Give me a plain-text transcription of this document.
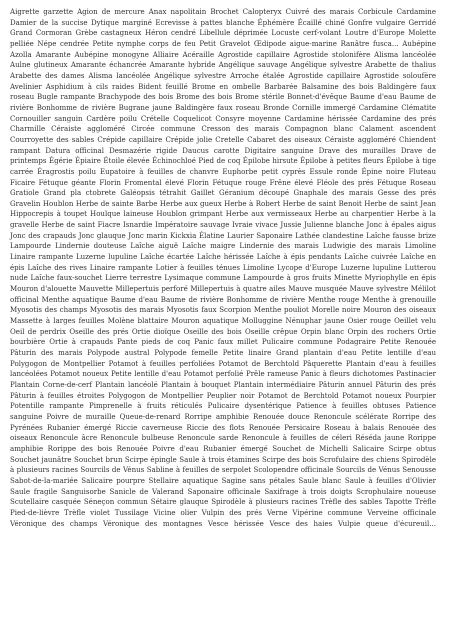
Aigrette garzette Agion de mercure Anax napolitain Brochet Calopteryx Cuivré des marais Corbicule Cardamine Damier de la succise Dytique marginé Ecrevisse à pattes blanche Éphémère Écaillé chiné Gonfre vulgaire Gerridé Grand Cormoran Grèbe castagneux Héron cendré Libellule déprimée Locuste cerf-volant Loutre d'Europe Molette pelliée Népe cendrée Petite nymphe corps de feu Petit Gravelot Œdipode aigue-marine Ranâtre fusca... Aubépine Azolla Amarante Aubépine monogyne Alliaire Acéraille Agrostide capillaire Agrostide stolonifère Alisma lancéolée Aulne glutineux Amarante échancrée Amarante hybride Angélique sauvage Angélique sylvestre Arabette de thalius Arabette des dames Alisma lancéolée Angélique sylvestre Arroche étalée Agrostide capillaire Agrostide soloufère Avelinier Asphidium à cils raides Bident feuillé Brome en ombelle Barbarée Balsamine des bois Baldingère faux roseau Bugle rampante Brachypode des bois Brome des bois Brome stérile Bonnet-d'évêque Baume d'eau Baume de rivière Bonhomme de rivière Bugrane jaune Baldingère faux roseau Bronde Cornille immergé Cardamine Clématite Cornouiller sanguin Cardère poilu Crételle Coquelicot Consyre moyenne Cardamine hérissée Cardamine des prés Charmille Céraiste aggloméré Circée commune Cresson des marais Compagnon blanc Calament ascendent Courroyette des sables Crépide capillaire Crépide jolie Cretelle Cabaret des oiseaux Céraiste aggloméré Chiendent rampant Datura officinal Desmazérie rigide Daucus carotte Digitaire sanguine Drave des murailles Drave de printemps Égérie Épiaire Étoile élevée Échinochloé Pied de coq Épilobe hirsute Épilobe à petites fleurs Épilobe à tige carrée Éragrostis poilu Eupatoire à feuilles de chanvre Euphorbe petit cyprès Essule ronde Épine noire Fluteau Ficaire Fétuque géante Florin Fromental élevé Florin Fétuque rouge Frêne élevé Fléole des prés Fétuque Roseau Gratiole Grand pla ctobrete Galéopsis tétrahit Gaillet Géranium découpé Gnaphale des marais Gesse des prés Gravelin Houblon Herbe de sainte Barbe Herbe aux gueux Herbe à Robert Herbe de saint Benoit Herbe de saint Jean Hippocrepis à toupet Houlque laineuse Houblon grimpant Herbe aux vermisseaux Herbe au charpentier Herbe à la gravelle Herbe de saint Fiacre Isnardie Impératoire sauvage Ivraie vivace Jussie Julienne blanche Jonc à épales aigus Jonc des crapauds Jonc glauque Jonc marin Kickxia Élatine Laurier Saponaire Lathée clandestine Laîche fausse brize Lampourde Lindernie douteuse Laîche aiguë Laîche maigre Lindernie des marais Ludwigie des marais Limoline Linaire rampante Luzerne lupuline Laîche écartée Laîche hérissée Laîche à épis pendants Laîche cuivrée Laîche en épis Laîche des rives Linaire rampante Lotier à feuilles ténues Limoline Lycope d'Europe Luzerne lupuline Lutterou nude Laîche faux-souchet Lierre terrestre Lysimaque commune Lampourde à gros fruits Minette Myriophylle en épis Mouron d'alouette Mauvette Millepertuis perforé Millepertuis à quatre ailes Mauve musquée Mauve sylvestre Mélilot officinal Menthe aquatique Baume d'eau Baume de rivière Bonhomme de rivière Menthe rouge Menthe à grenouille Myosotis des champs Myosotis des marais Myosotis faux Scorpion Menthe pouliot Morelle noire Mouron des oiseaux Massette à larges feuilles Molène blattaire Mouron aquatique Molluggine Nénuphar jaune Osier rouge Oeillet velu Oeil de perdrix Oseille des prés Ortie dioïque Oseille des bois Oseille crêpue Orpin blanc Orpin des rochers Ortie bourbière Ortie à crapauds Pante pieds de coq Panic faux millet Pulicaire commune Podagraire Petite Renouée Pâturin des marais Polypode austral Polypode femelle Petite linaire Grand plantain d'eau Petite lentille d'eau Polygogon de Montpellier Potamot à feuilles perfoliées Potamot de Berchtold Pâquerette Plantain d'eau à feuilles lancéolées Potamot noueux Petite lentille d'eau Potamot perfolié Prêle rameuse Panic à fleurs dichotomes Pastinacier Plantain Corne-de-cerf Plantain lancéolé Plantain à bouquet Plantain intermédiaire Pâturin annuel Pâturin des prés Pâturin à feuilles étroites Polygogon de Montpellier Peuplier noir Potamot de Berchtold Potamot noueux Pourpier Potentille rampante Pimprenelle à fruits réticulés Pulicaire dysentérique Patience à feuilles obtuses Patience sanguine Poivre de muraille Queue-de-renard Rorripe amphibie Renouée douce Renoncule scélérate Rorripe des Pyrénées Rubanier émergé Riccie caverneuse Riccie des flots Renouée Persicaire Roseau à balais Renouée des oiseaux Renoncule âcre Renoncule bulbeuse Renoncule sarde Renoncule à feuilles de céleri Réséda jaune Rorippe amphibie Rorippe des bois Renouée Poivre d'eau Rubanier émergé Souchet de Michelli Salicaire Scirpe obtus Souchet jaunâtre Souchet brun Scirpe épingle Saule à trois étamines Scirpe des bois Scrofulaire des chiens Spirodèle à plusieurs racines Sourcils de Vénus Sabline à feuilles de serpolet Scolopendre officinale Sourcils de Vénus Senousse Sabot-de-la-mariée Salicaire pourpre Stellaire aquatique Sagine sans pétales Saule blanc Saule à feuilles d'Olivier Saule fragile Sanguisorbe Sanicle de Valerand Saponaire officinale Saxifrage à trois doigts Scrophulaire noueuse Scutellaire casquée Séneçon commun Sétaire glauque Spirodèle à plusieurs racines Trèfle des sables Tapotte Trèfle Pied-de-lièvre Trèfle violet Tussilage Vicine olier Vulpin des prés Verne Vipérine commune Verveine officinale Véronique des champs Véronique des montagnes Vesce hérissée Vesce des haies Vulpie queue d'écureuil...
